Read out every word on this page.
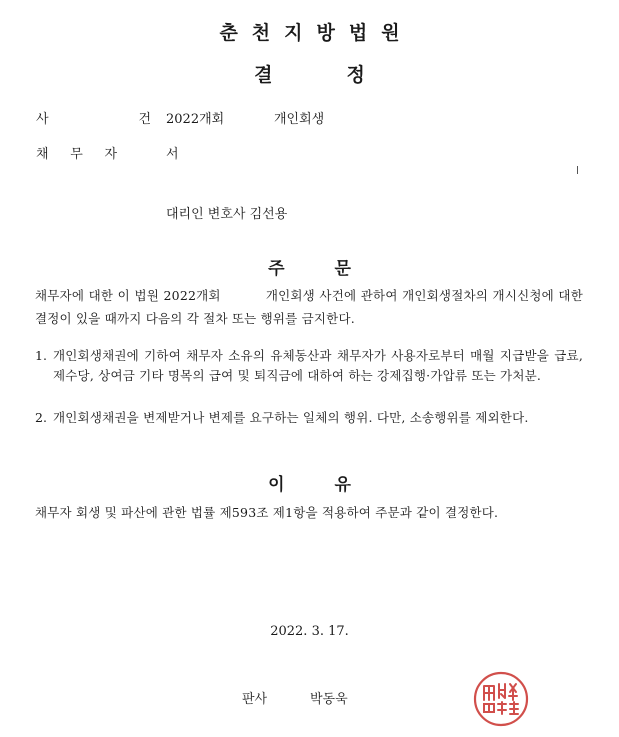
춘천지방법원
결	정
사	건 2022개회	개인회생
채 무 자	서
대리인 변호사 김선용
주	문
채무자에 대한 이 법원 2022개회          개인회생 사건에 관하여 개인회생절차의 개시신청에 대한 결정이 있을 때까지 다음의 각 절차 또는 행위를 금지한다.
1. 개인회생채권에 기하여 채무자 소유의 유체동산과 채무자가 사용자로부터 매월 지급받을 급료, 제수당, 상여금 기타 명목의 급여 및 퇴직금에 대하여 하는 강제집행·가압류 또는 가처분.
2. 개인회생채권을 변제받거나 변제를 요구하는 일체의 행위. 다만, 소송행위를 제외한다.
이	유
채무자 회생 및 파산에 관한 법률 제593조 제1항을 적용하여 주문과 같이 결정한다.
2022. 3. 17.
판사	박동욱
